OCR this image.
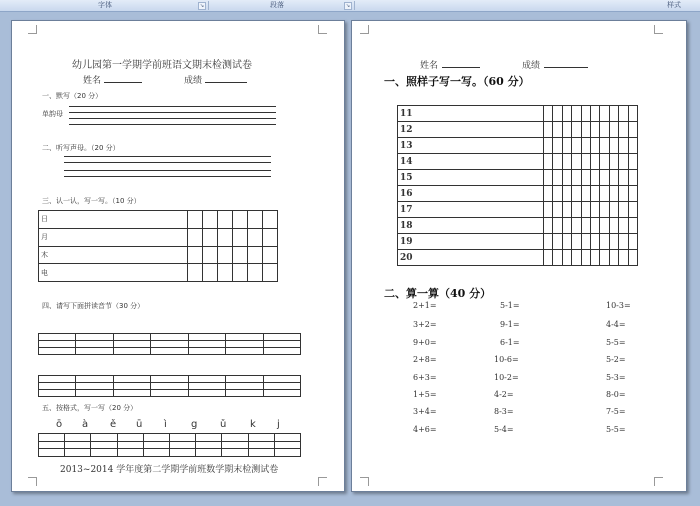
字体	↘	段落	↘	样式
幼儿园第一学期学前班语文期末检测试卷
姓名	成绩
一、默写（20 分）
单韵母
二、听写声母。（20 分）
三、认一认，写一写。（10 分）
日						
月						
木						
电						
四、请写下面拼读音节（30 分）

五、按格式，写一写（20 分）
ō à ě ū ì g ǔ k j

2013~2014 学年度第二学期学前班数学期末检测试卷
姓名	成绩
一、照样子写一写。（60 分）
11										
12										
13										
14										
15										
16										
17										
18										
19										
20										
二、算一算（40 分）
2+1=	5-1=	10-3=
3+2=	9-1=	4-4=
9+0=	6-1=	5-5=
2+8=	10-6=	5-2=
6+3=	10-2=	5-3=
1+5=	4-2=	8-0=
3+4=	8-3=	7-5=
4+6=	5-4=	5-5=
